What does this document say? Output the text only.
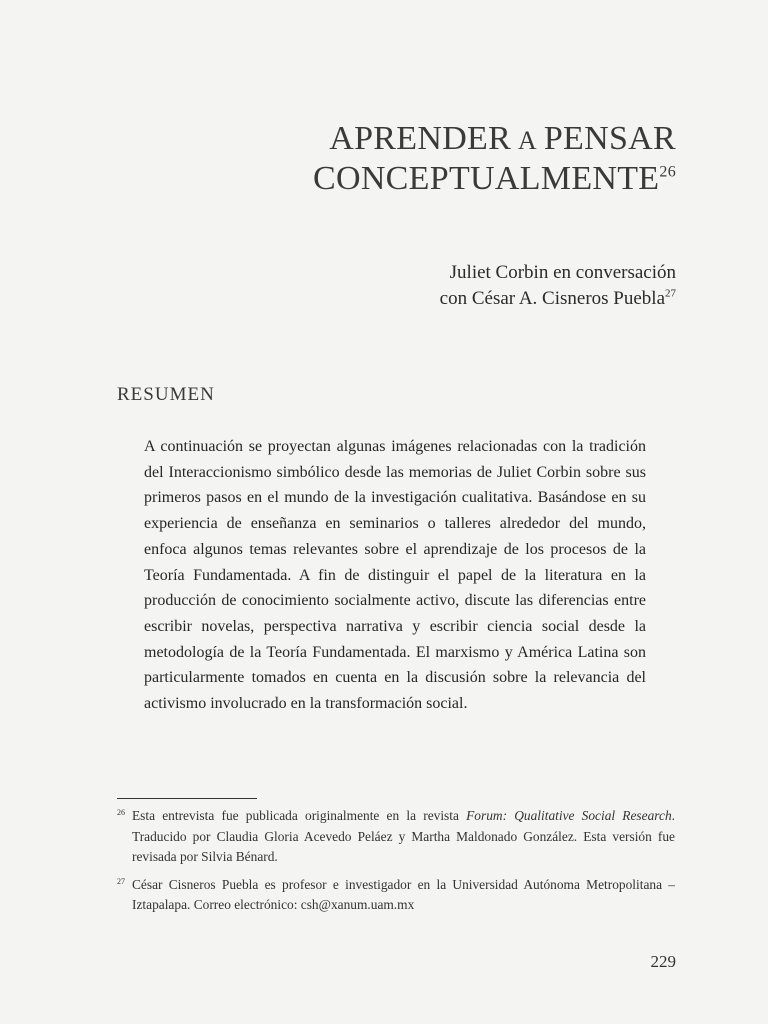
APRENDER A PENSAR
CONCEPTUALMENTE$^{26}$
Juliet Corbin en conversación
con César A. Cisneros Puebla$^{27}$
RESUMEN

A continuación se proyectan algunas imágenes relacionadas con la tradición del Interaccionismo simbólico desde las memorias de Juliet Corbin sobre sus primeros pasos en el mundo de la investigación cualitativa. Basándose en su experiencia de enseñanza en seminarios o talleres alrededor del mundo, enfoca algunos temas relevantes sobre el aprendizaje de los procesos de la Teoría Fundamentada. A fin de distinguir el papel de la literatura en la producción de conocimiento socialmente activo, discute las diferencias entre escribir novelas, perspectiva narrativa y escribir ciencia social desde la metodología de la Teoría Fundamentada. El marxismo y América Latina son particularmente tomados en cuenta en la discusión sobre la relevancia del activismo involucrado en la transformación social.

26 Esta entrevista fue publicada originalmente en la revista Forum: Qualitative Social Research. Traducido por Claudia Gloria Acevedo Peláez y Martha Maldonado González. Esta versión fue revisada por Silvia Bénard.
27 César Cisneros Puebla es profesor e investigador en la Universidad Autónoma Metropolitana – Iztapalapa. Correo electrónico: csh@xanum.uam.mx
229
